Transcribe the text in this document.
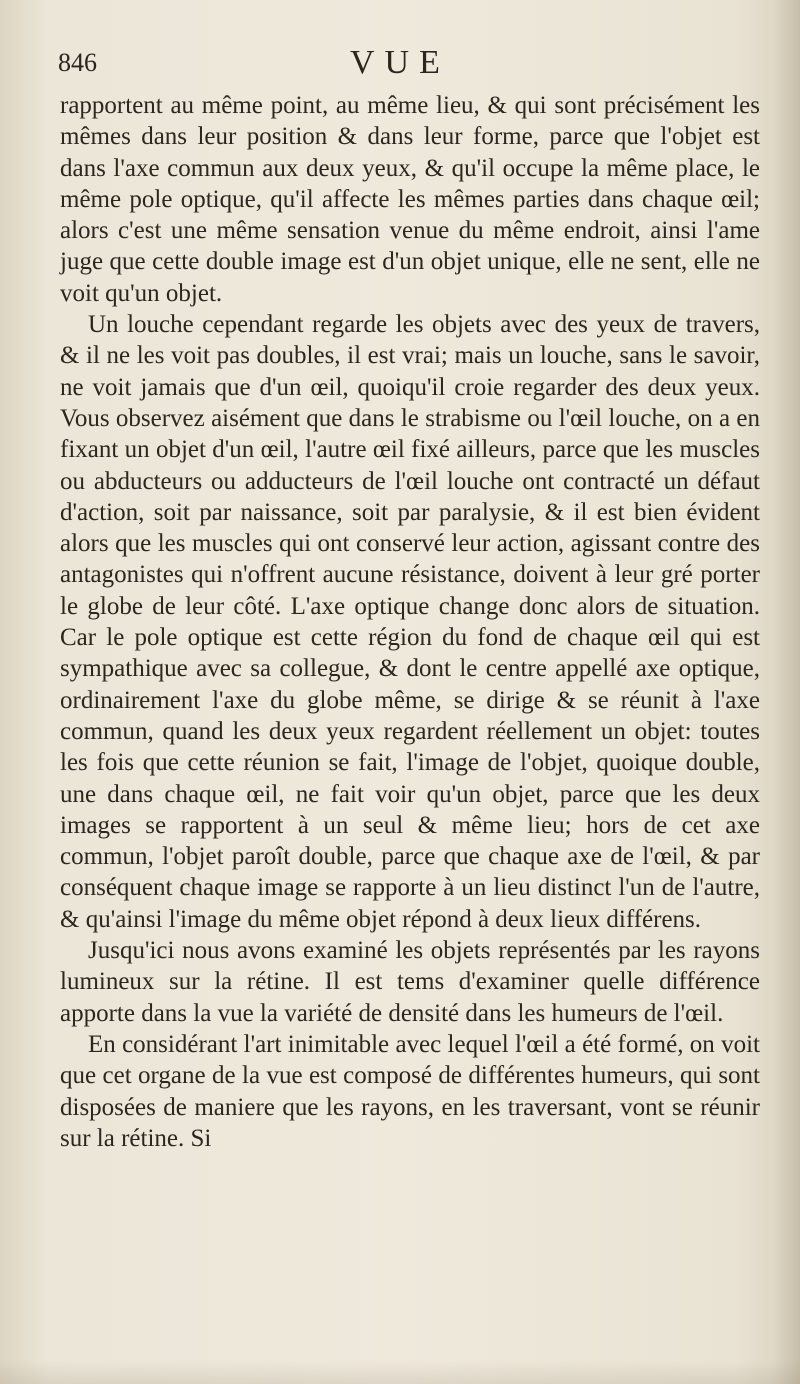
846	VUE

rapportent au même point, au même lieu, & qui sont précisément les mêmes dans leur position & dans leur forme, parce que l'objet est dans l'axe commun aux deux yeux, & qu'il occupe la même place, le même pole optique, qu'il affecte les mêmes parties dans chaque œil; alors c'est une même sensation venue du même endroit, ainsi l'ame juge que cette double image est d'un objet unique, elle ne sent, elle ne voit qu'un objet.

Un louche cependant regarde les objets avec des yeux de travers, & il ne les voit pas doubles, il est vrai; mais un louche, sans le savoir, ne voit jamais que d'un œil, quoiqu'il croie regarder des deux yeux. Vous observez aisément que dans le strabisme ou l'œil louche, on a en fixant un objet d'un œil, l'autre œil fixé ailleurs, parce que les muscles ou abducteurs ou adducteurs de l'œil louche ont contracté un défaut d'action, soit par naissance, soit par paralysie, & il est bien évident alors que les muscles qui ont conservé leur action, agissant contre des antagonistes qui n'offrent aucune résistance, doivent à leur gré porter le globe de leur côté. L'axe optique change donc alors de situation. Car le pole optique est cette région du fond de chaque œil qui est sympathique avec sa collegue, & dont le centre appellé axe optique, ordinairement l'axe du globe même, se dirige & se réunit à l'axe commun, quand les deux yeux regardent réellement un objet: toutes les fois que cette réunion se fait, l'image de l'objet, quoique double, une dans chaque œil, ne fait voir qu'un objet, parce que les deux images se rapportent à un seul & même lieu; hors de cet axe commun, l'objet paroît double, parce que chaque axe de l'œil, & par conséquent chaque image se rapporte à un lieu distinct l'un de l'autre, & qu'ainsi l'image du même objet répond à deux lieux différens.

Jusqu'ici nous avons examiné les objets représentés par les rayons lumineux sur la rétine. Il est tems d'examiner quelle différence apporte dans la vue la variété de densité dans les humeurs de l'œil.

En considérant l'art inimitable avec lequel l'œil a été formé, on voit que cet organe de la vue est composé de différentes humeurs, qui sont disposées de maniere que les rayons, en les traversant, vont se réunir sur la rétine. Si
